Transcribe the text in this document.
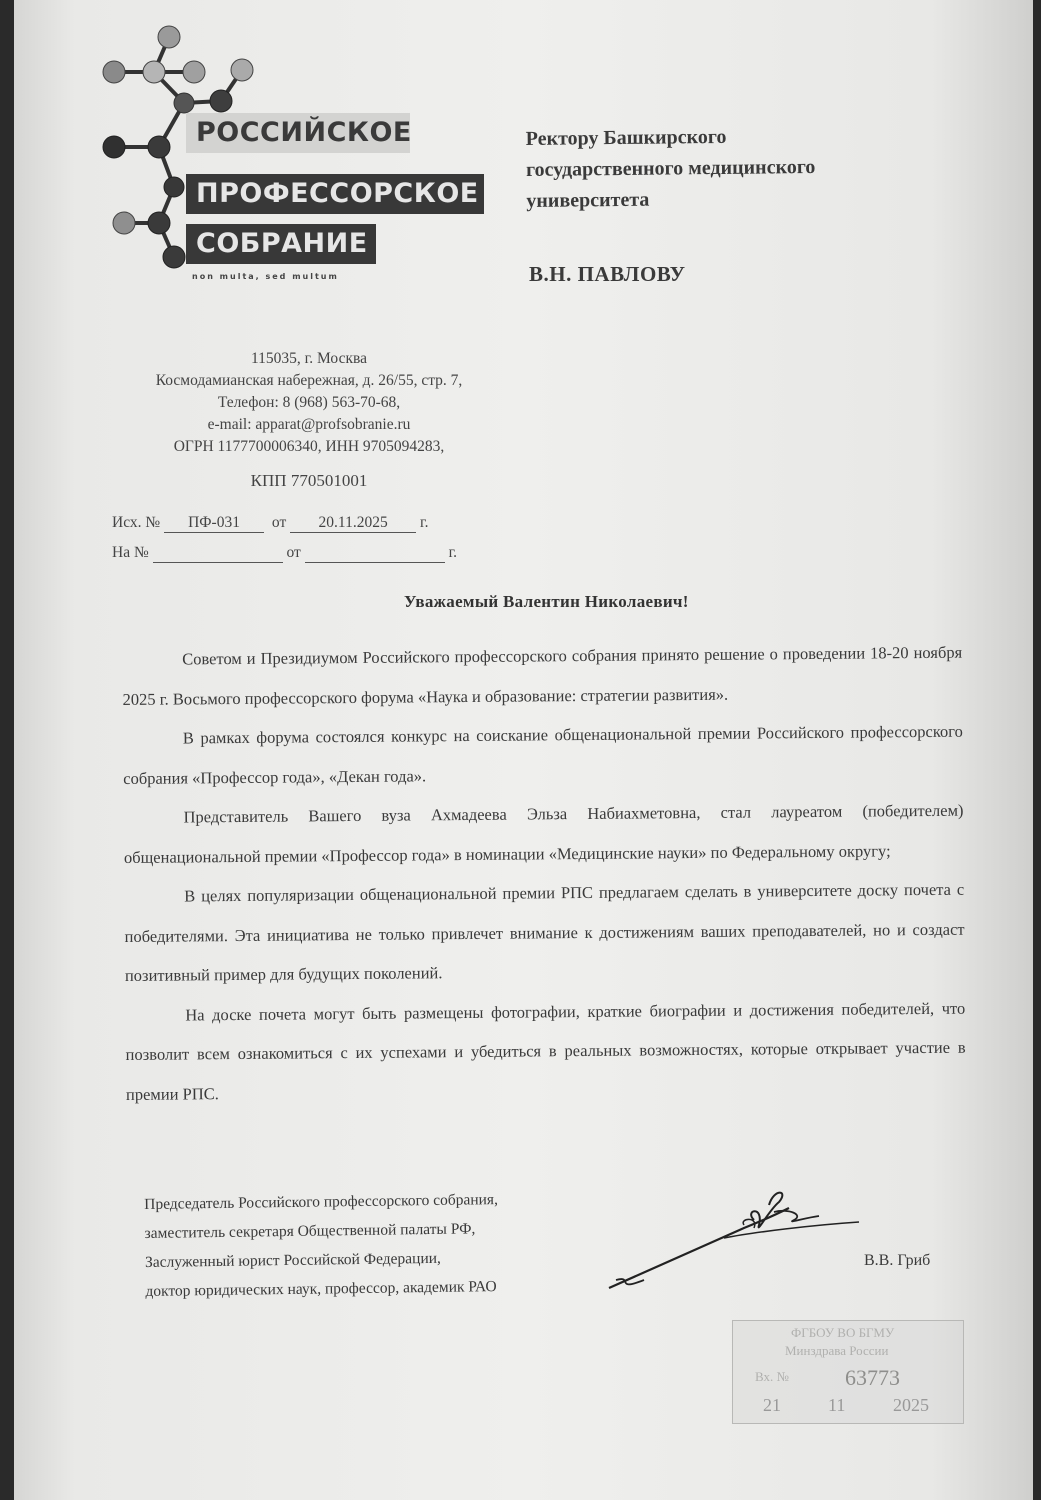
РОССИЙСКОЕ
ПРОФЕССОРСКОЕ
СОБРАНИЕ
non multa, sed multum
Ректору Башкирского
государственного медицинского
университета
В.Н. ПАВЛОВУ
115035, г. Москва
Космодамианская набережная, д. 26/55, стр. 7,
Телефон: 8 (968) 563-70-68,
e-mail: apparat@profsobranie.ru
ОГРН 1177700006340, ИНН 9705094283,
КПП 770501001
Исх. № ПФ-031 от 20.11.2025 г.
На №	от	г.
Уважаемый Валентин Николаевич!

Советом и Президиумом Российского профессорского собрания принято решение о проведении 18-20 ноября 2025 г. Восьмого профессорского форума «Наука и образование: стратегии развития».

В рамках форума состоялся конкурс на соискание общенациональной премии Российского профессорского собрания «Профессор года», «Декан года».

Представитель Вашего вуза Ахмадеева Эльза Набиахметовна, стал лауреатом (победителем) общенациональной премии «Профессор года» в номинации «Медицинские науки» по Федеральному округу;

В целях популяризации общенациональной премии РПС предлагаем сделать в университете доску почета с победителями. Эта инициатива не только привлечет внимание к достижениям ваших преподавателей, но и создаст позитивный пример для будущих поколений.

На доске почета могут быть размещены фотографии, краткие биографии и достижения победителей, что позволит всем ознакомиться с их успехами и убедиться в реальных возможностях, которые открывает участие в премии РПС.

Председатель Российского профессорского собрания,
заместитель секретаря Общественной палаты РФ,
Заслуженный юрист Российской Федерации,
доктор юридических наук, профессор, академик РАО
В.В. Гриб
ФГБОУ ВО БГМУ
Минздрава России
Вх. №	63773
21	11	2025
